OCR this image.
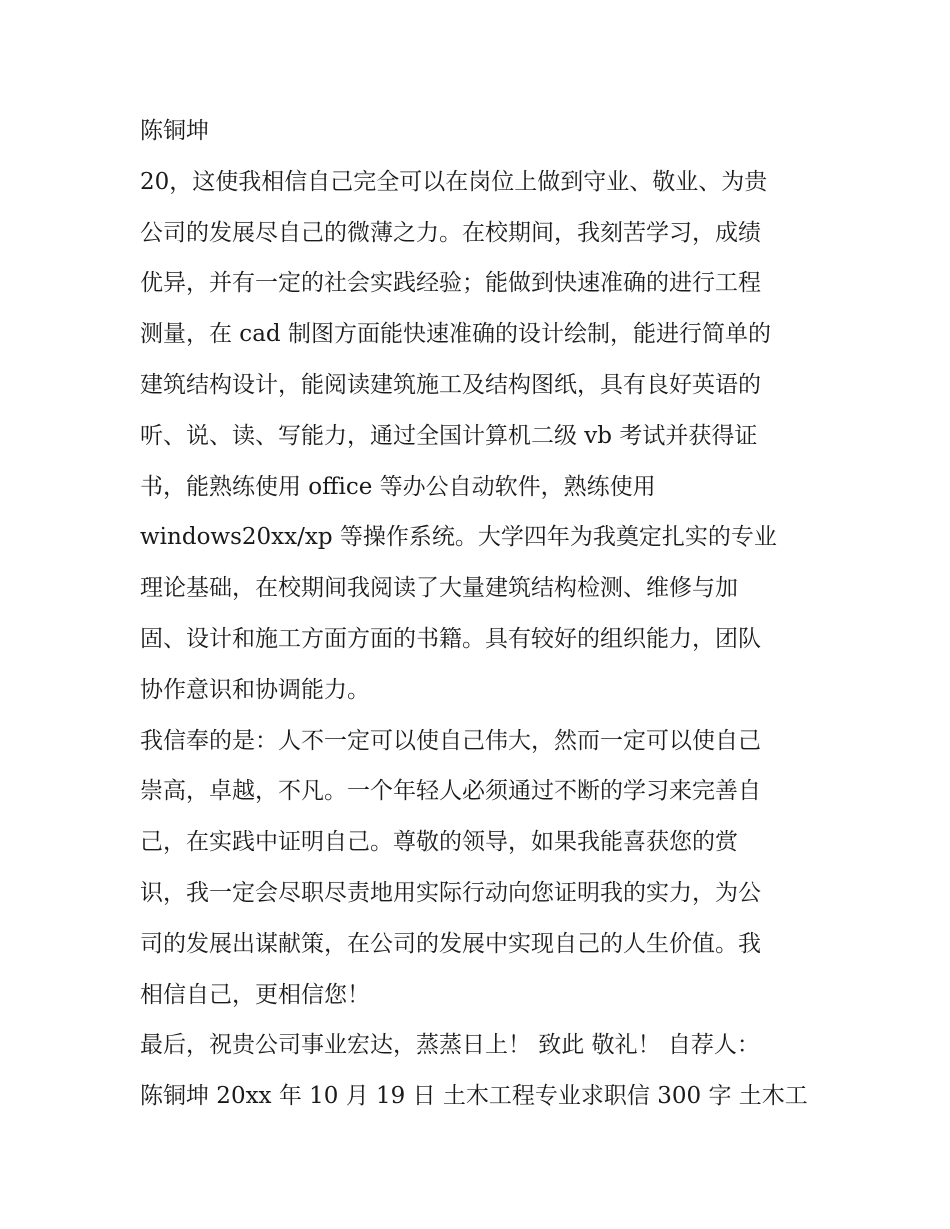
陈铜坤
20，这使我相信自己完全可以在岗位上做到守业、敬业、为贵
公司的发展尽自己的微薄之力。在校期间，我刻苦学习，成绩
优异，并有一定的社会实践经验；能做到快速准确的进行工程
测量，在 cad 制图方面能快速准确的设计绘制，能进行简单的
建筑结构设计，能阅读建筑施工及结构图纸，具有良好英语的
听、说、读、写能力，通过全国计算机二级 vb 考试并获得证
书，能熟练使用 office 等办公自动软件，熟练使用
windows20xx/xp 等操作系统。大学四年为我奠定扎实的专业
理论基础，在校期间我阅读了大量建筑结构检测、维修与加
固、设计和施工方面方面的书籍。具有较好的组织能力，团队
协作意识和协调能力。
我信奉的是：人不一定可以使自己伟大，然而一定可以使自己
崇高，卓越，不凡。一个年轻人必须通过不断的学习来完善自
己，在实践中证明自己。尊敬的领导，如果我能喜获您的赏
识，我一定会尽职尽责地用实际行动向您证明我的实力，为公
司的发展出谋献策，在公司的发展中实现自己的人生价值。我
相信自己，更相信您！
最后，祝贵公司事业宏达，蒸蒸日上！ 致此 敬礼！ 自荐人：
陈铜坤 20xx 年 10 月 19 日 土木工程专业求职信 300 字 土木工
